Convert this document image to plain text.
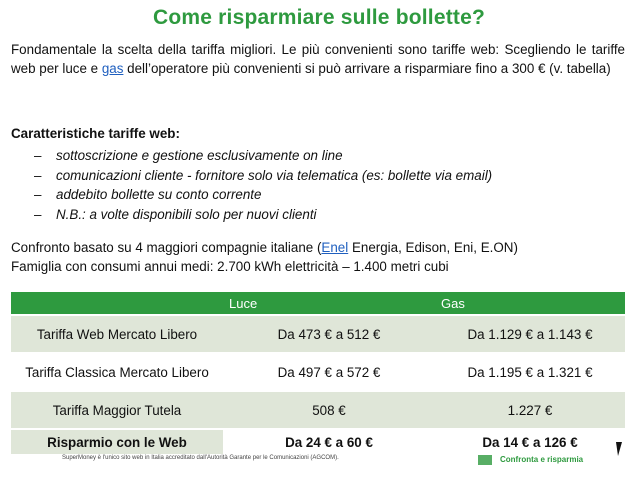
Come risparmiare sulle bollette?
Fondamentale la scelta della tariffa migliori. Le più convenienti sono tariffe web: Scegliendo le tariffe web per luce e gas dell’operatore più convenienti si può arrivare a risparmiare fino a 300 € (v. tabella)
Caratteristiche tariffe web:
– sottoscrizione e gestione esclusivamente on line
– comunicazioni cliente - fornitore solo via telematica (es: bollette via email)
– addebito bollette su conto corrente
– N.B.: a volte disponibili solo per nuovi clienti
Confronto basato su 4 maggiori compagnie italiane (Enel Energia, Edison, Eni, E.ON)
Famiglia con consumi annui medi: 2.700 kWh elettricità – 1.400 metri cubi
	Luce	Gas
Tariffa Web Mercato Libero	Da 473 € a 512 €	Da 1.129 € a 1.143 €
Tariffa Classica Mercato Libero	Da 497 € a 572 €	Da 1.195 € a 1.321 €
Tariffa Maggior Tutela	508 €	1.227 €
Risparmio con le Web	Da 24 € a 60 €	Da 14 € a 126 €
SuperMoney è l'unico sito web in Italia accreditato dall'Autorità Garante per le Comunicazioni (AGCOM).	Confronta e risparmia
